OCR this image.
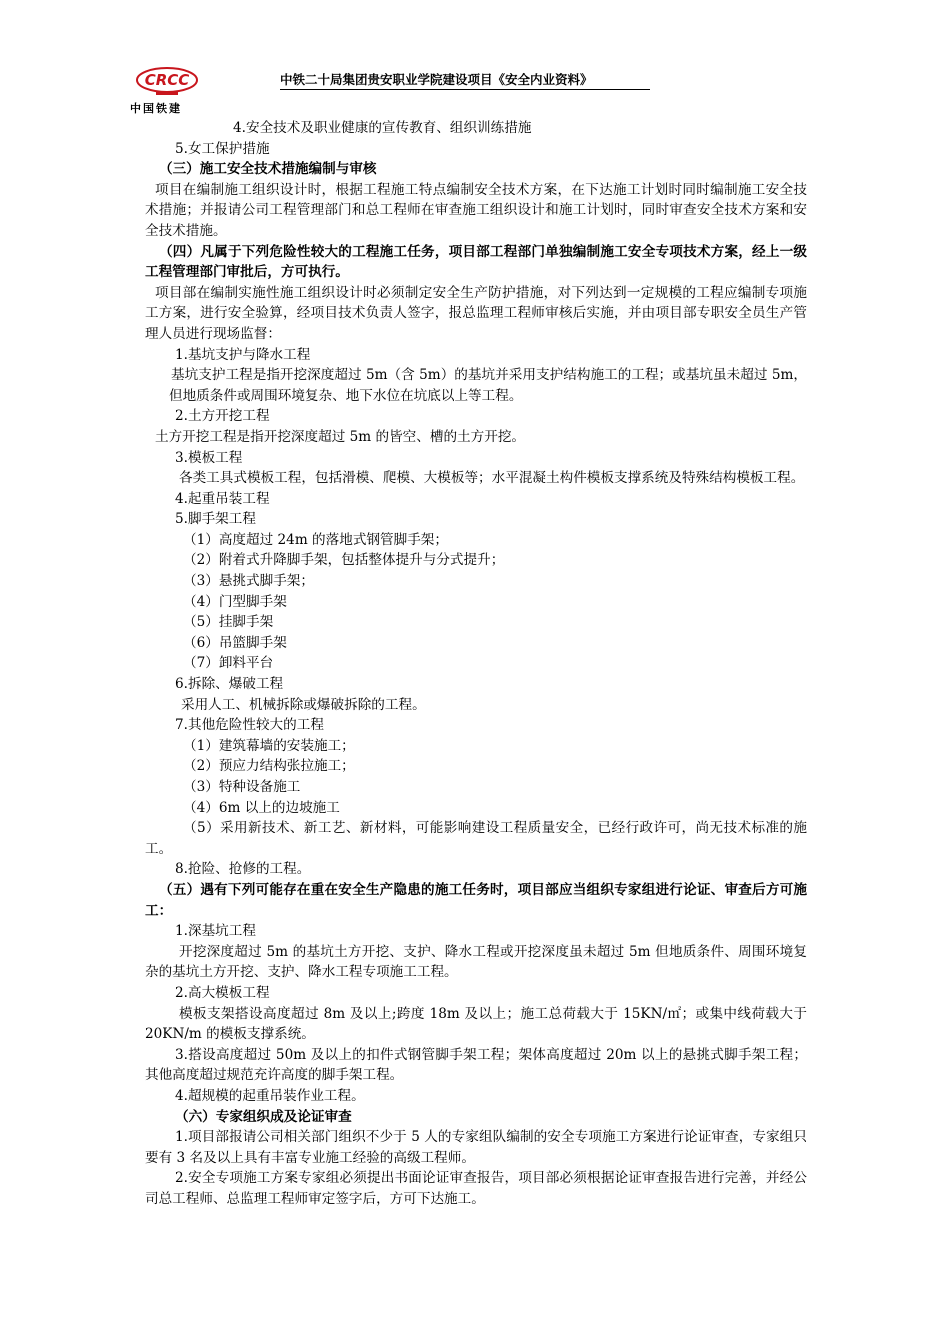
CRCC
中国铁建
中铁二十局集团贵安职业学院建设项目《安全内业资料》
4.安全技术及职业健康的宣传教育、组织训练措施
5.女工保护措施
（三）施工安全技术措施编制与审核
项目在编制施工组织设计时，根据工程施工特点编制安全技术方案，在下达施工计划时同时编制施工安全技术措施；并报请公司工程管理部门和总工程师在审查施工组织设计和施工计划时，同时审查安全技术方案和安全技术措施。
（四）凡属于下列危险性较大的工程施工任务，项目部工程部门单独编制施工安全专项技术方案，经上一级工程管理部门审批后，方可执行。
项目部在编制实施性施工组织设计时必须制定安全生产防护措施，对下列达到一定规模的工程应编制专项施工方案，进行安全验算，经项目技术负责人签字，报总监理工程师审核后实施，并由项目部专职安全员生产管理人员进行现场监督：
1.基坑支护与降水工程
基坑支护工程是指开挖深度超过 5m（含 5m）的基坑并采用支护结构施工的工程；或基坑虽未超过 5m，但地质条件或周围环境复杂、地下水位在坑底以上等工程。
2.土方开挖工程
土方开挖工程是指开挖深度超过 5m 的皆空、槽的土方开挖。
3.模板工程
各类工具式模板工程，包括滑模、爬模、大模板等；水平混凝土构件模板支撑系统及特殊结构模板工程。
4.起重吊装工程
5.脚手架工程
（1）高度超过 24m 的落地式钢管脚手架；
（2）附着式升降脚手架，包括整体提升与分式提升；
（3）悬挑式脚手架；
（4）门型脚手架
（5）挂脚手架
（6）吊篮脚手架
（7）卸料平台
6.拆除、爆破工程
采用人工、机械拆除或爆破拆除的工程。
7.其他危险性较大的工程
（1）建筑幕墙的安装施工；
（2）预应力结构张拉施工；
（3）特种设备施工
（4）6m 以上的边坡施工
（5）采用新技术、新工艺、新材料，可能影响建设工程质量安全，已经行政许可，尚无技术标准的施工。
8.抢险、抢修的工程。
（五）遇有下列可能存在重在安全生产隐患的施工任务时，项目部应当组织专家组进行论证、审查后方可施工：
1.深基坑工程
开挖深度超过 5m 的基坑土方开挖、支护、降水工程或开挖深度虽未超过 5m 但地质条件、周围环境复杂的基坑土方开挖、支护、降水工程专项施工工程。
2.高大模板工程
模板支架搭设高度超过 8m 及以上;跨度 18m 及以上；施工总荷载大于 15KN/㎡；或集中线荷载大于 20KN/m 的模板支撑系统。
3.搭设高度超过 50m 及以上的扣件式钢管脚手架工程；架体高度超过 20m 以上的悬挑式脚手架工程；其他高度超过规范充许高度的脚手架工程。
4.超规模的起重吊装作业工程。
（六）专家组织成及论证审查
1.项目部报请公司相关部门组织不少于 5 人的专家组队编制的安全专项施工方案进行论证审查，专家组只要有 3 名及以上具有丰富专业施工经验的高级工程师。
2.安全专项施工方案专家组必须提出书面论证审查报告，项目部必须根据论证审查报告进行完善，并经公司总工程师、总监理工程师审定签字后，方可下达施工。
